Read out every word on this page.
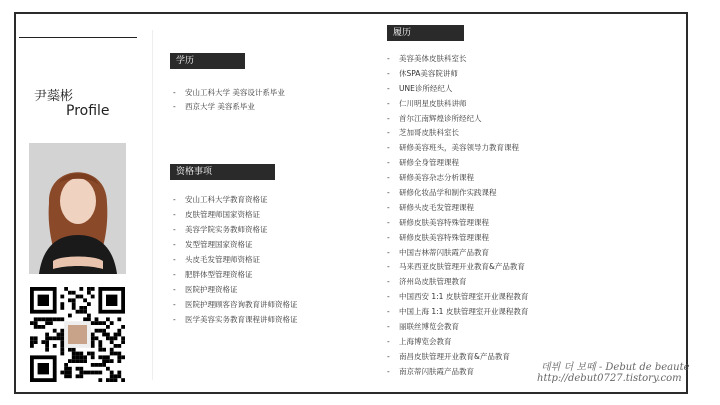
尹蘂彬
Profile
学历
- 安山工科大学 美容设计系毕业
- 西京大学 美容系毕业
资格事项
- 安山工科大学教育资格证
- 皮肤管理师国家资格证
- 美容学院实务教师资格证
- 发型管理国家资格证
- 头皮毛发管理师资格证
- 肥胖体型管理资格证
- 医院护理资格证
- 医院护理顾客咨询教育讲师资格证
- 医学美容实务教育课程讲师资格证
履历
- 美容美体皮肤科室长
- 休SPA美容院讲师
- UNE诊所经纪人
- 仁川明星皮肤科讲师
- 首尔江南辉煌诊所经纪人
- 芝加哥皮肤科室长
- 研修美容班头，美容领导力教育课程
- 研修全身管理课程
- 研修美容杂志分析课程
- 研修化妆品学和制作实践课程
- 研修头皮毛发管理课程
- 研修皮肤美容特殊管理课程
- 研修皮肤美容特殊管理课程
- 中国吉林蒂闪肤霞产品教育
- 马来西亚皮肤管理开业教育&产品教育
- 济州岛皮肤管理教育
- 中国西安 1:1 皮肤管理室开业课程教育
- 中国上海 1:1 皮肤管理室开业课程教育
- 丽联丝博览会教育
- 上海博览会教育
- 南昌皮肤管理开业教育&产品教育
- 南京蒂闪肤霞产品教育	데뷔 더 보떼 - Debut de beaute
http://debut0727.tistory.com
